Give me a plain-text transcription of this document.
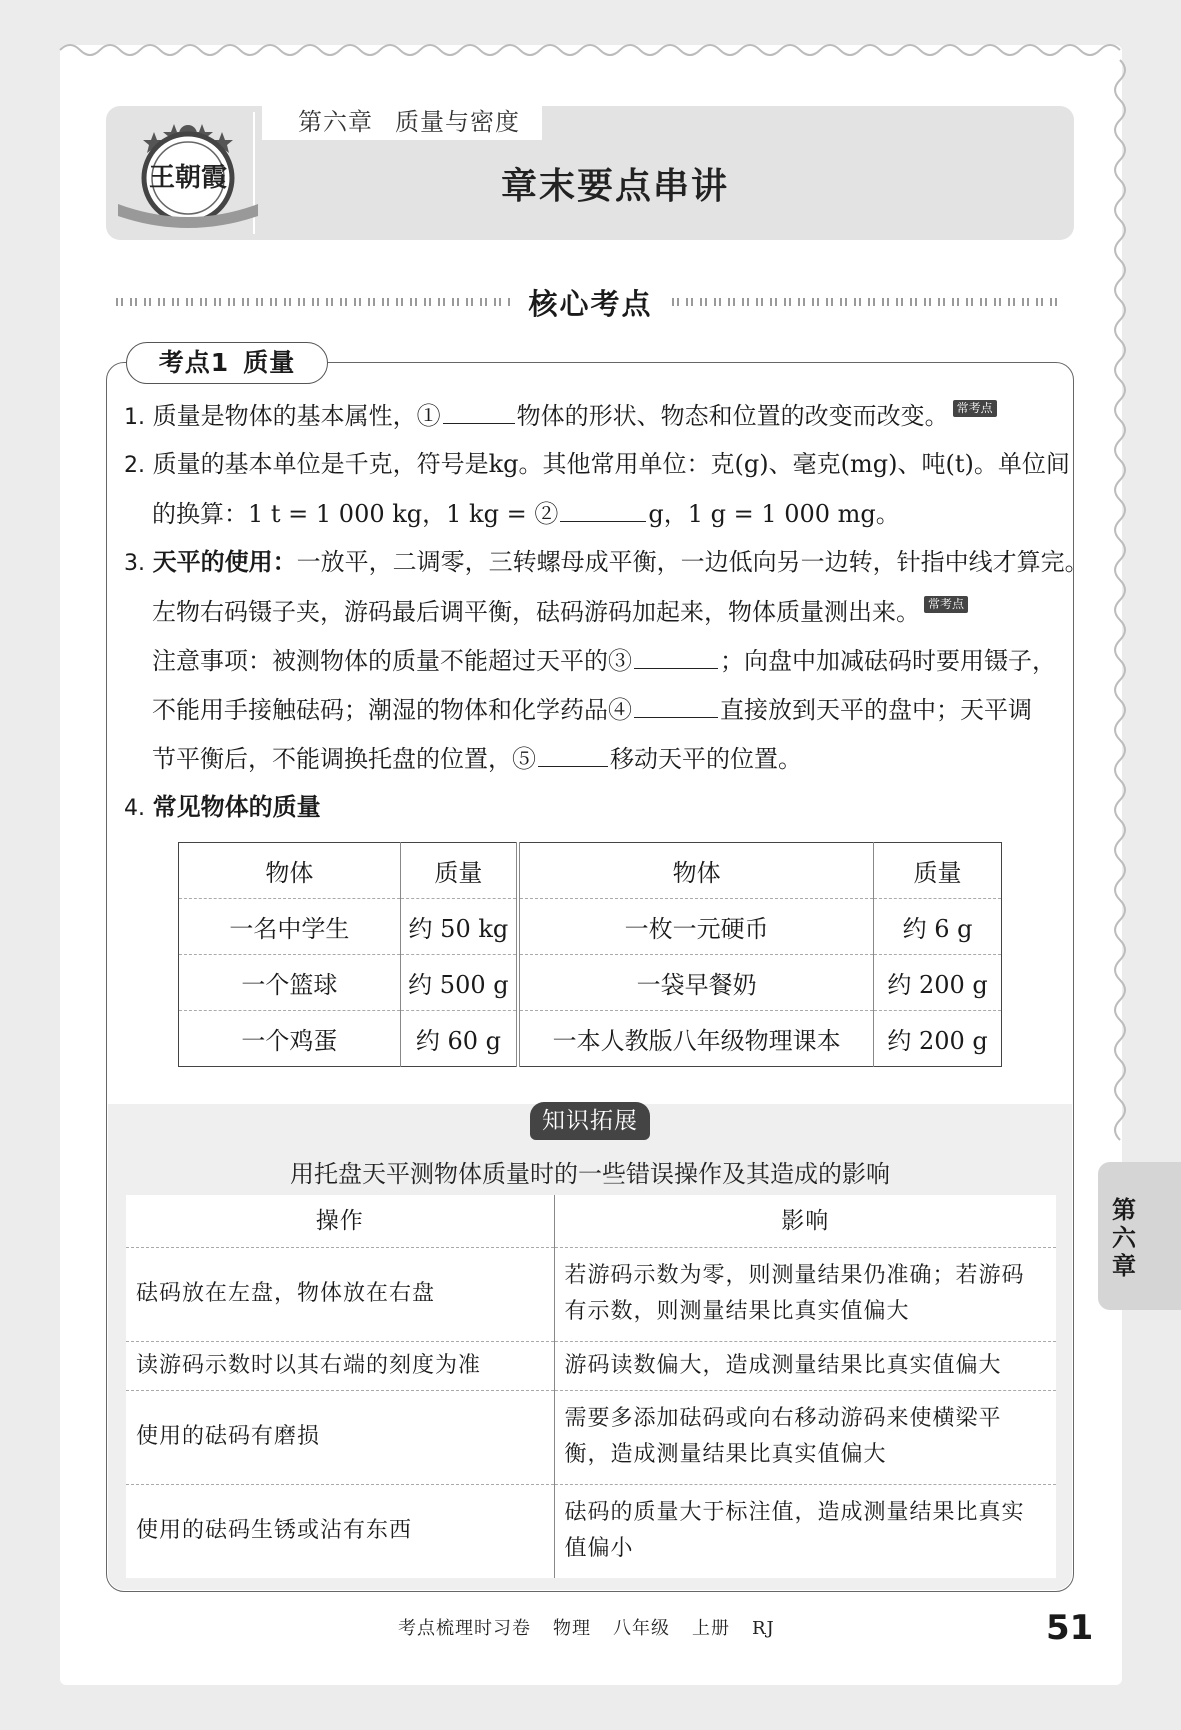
第六章 质量与密度
章末要点串讲
王朝霞
核心考点
考点1 质量
1. 质量是物体的基本属性，①	物体的形状、物态和位置的改变而改变。 常考点
2. 质量的基本单位是千克，符号是kg。其他常用单位：克(g)、毫克(mg)、吨(t)。单位间
的换算：1 t = 1 000 kg，1 kg = ②	g，1 g = 1 000 mg。
3. 天平的使用：一放平，二调零，三转螺母成平衡，一边低向另一边转，针指中线才算完。
左物右码镊子夹，游码最后调平衡，砝码游码加起来，物体质量测出来。 常考点
注意事项：被测物体的质量不能超过天平的③	；向盘中加减砝码时要用镊子，
不能用手接触砝码；潮湿的物体和化学药品④	直接放到天平的盘中；天平调
节平衡后，不能调换托盘的位置，⑤	移动天平的位置。
4. 常见物体的质量
物体	质量	物体	质量
一名中学生	约 50 kg	一枚一元硬币	约 6 g
一个篮球	约 500 g	一袋早餐奶	约 200 g
一个鸡蛋	约 60 g	一本人教版八年级物理课本	约 200 g
知识拓展
用托盘天平测物体质量时的一些错误操作及其造成的影响
操作	影响
砝码放在左盘，物体放在右盘	若游码示数为零，则测量结果仍准确；若游码有示数，则测量结果比真实值偏大
读游码示数时以其右端的刻度为准	游码读数偏大，造成测量结果比真实值偏大
使用的砝码有磨损	需要多添加砝码或向右移动游码来使横梁平衡，造成测量结果比真实值偏大
使用的砝码生锈或沾有东西	砝码的质量大于标注值，造成测量结果比真实值偏小
第六章
考点梳理时习卷 物理 八年级 上册 RJ	51
